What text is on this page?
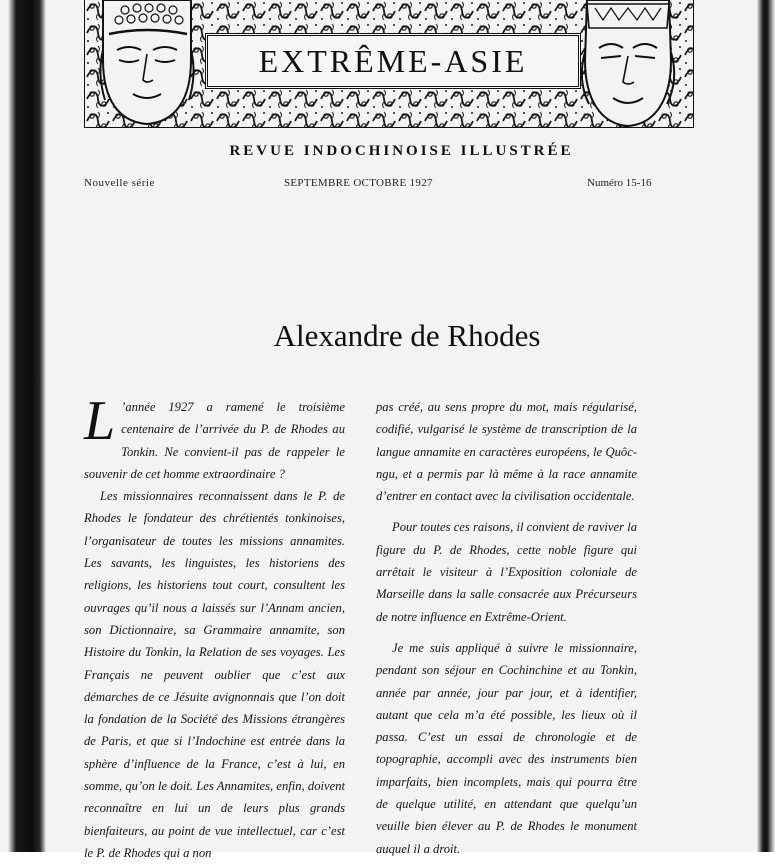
EXTRÊME-ASIE
REVUE INDOCHINOISE ILLUSTRÉE
Nouvelle série	SEPTEMBRE OCTOBRE 1927	Numéro 15-16
Alexandre de Rhodes

L ’année 1927 a ramené le troisième centenaire de l’arrivée du P. de Rhodes au Tonkin. Ne convient-il pas de rappeler le souvenir de cet homme extraordinaire ?

Les missionnaires reconnaissent dans le P. de Rhodes le fondateur des chrétientés tonkinoises, l’organisateur de toutes les missions annamites. Les savants, les linguistes, les historiens des religions, les historiens tout court, consultent les ouvrages qu’il nous a laissés sur l’Annam ancien, son Dictionnaire, sa Grammaire annamite, son Histoire du Tonkin, la Relation de ses voyages. Les Français ne peuvent oublier que c’est aux démarches de ce Jésuite avignonnais que l’on doit la fondation de la Société des Missions étrangères de Paris, et que si l’Indochine est entrée dans la sphère d’influence de la France, c’est à lui, en somme, qu’on le doit. Les Annamites, enfin, doivent reconnaître en lui un de leurs plus grands bienfaiteurs, au point de vue intellectuel, car c’est le P. de Rhodes qui a non

pas créé, au sens propre du mot, mais régularisé, codifié, vulgarisé le système de transcription de la langue annamite en caractères européens, le Quôc-ngu, et a permis par là même à la race annamite d’entrer en contact avec la civilisation occidentale.

Pour toutes ces raisons, il convient de raviver la figure du P. de Rhodes, cette noble figure qui arrêtait le visiteur à l’Exposition coloniale de Marseille dans la salle consacrée aux Précurseurs de notre influence en Extrême-Orient.

Je me suis appliqué à suivre le missionnaire, pendant son séjour en Cochinchine et au Tonkin, année par année, jour par jour, et à identifier, autant que cela m’a été possible, les lieux où il passa. C’est un essai de chronologie et de topographie, accompli avec des instruments bien imparfaits, bien incomplets, mais qui pourra être de quelque utilité, en attendant que quelqu’un veuille bien élever au P. de Rhodes le monument auquel il a droit.
